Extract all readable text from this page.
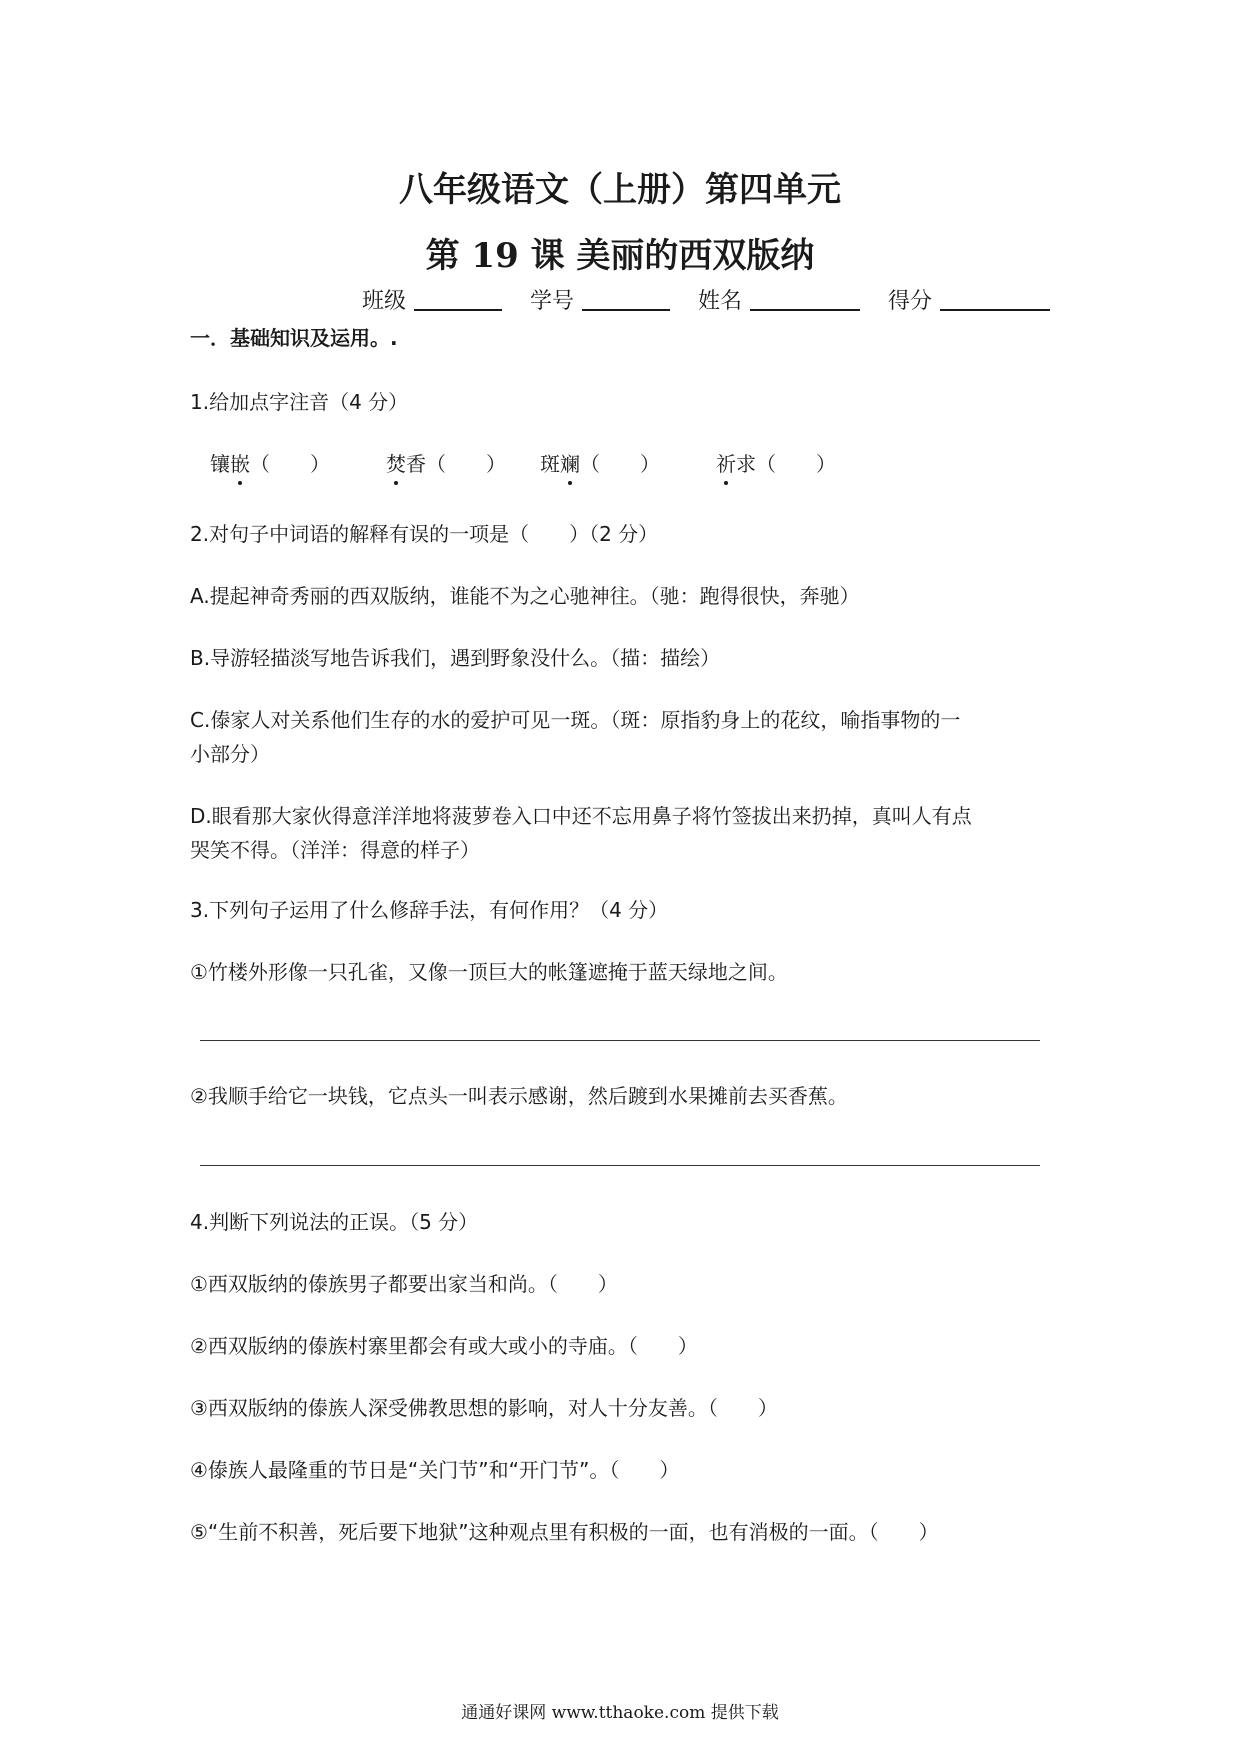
八年级语文（上册）第四单元
第 19 课 美丽的西双版纳
班级	学号	姓名	得分
一．基础知识及运用。.
1.给加点字注音（4 分）
镶嵌（　　）	焚香（　　） 斑斓（　　）	祈求（　　）
2.对句子中词语的解释有误的一项是（　　）（2 分）
A.提起神奇秀丽的西双版纳，谁能不为之心驰神往。（驰：跑得很快，奔驰）
B.导游轻描淡写地告诉我们，遇到野象没什么。（描：描绘）
C.傣家人对关系他们生存的水的爱护可见一斑。（斑：原指豹身上的花纹，喻指事物的一
小部分）
D.眼看那大家伙得意洋洋地将菠萝卷入口中还不忘用鼻子将竹签拔出来扔掉，真叫人有点
哭笑不得。（洋洋：得意的样子）
3.下列句子运用了什么修辞手法，有何作用？（4 分）
①竹楼外形像一只孔雀，又像一顶巨大的帐篷遮掩于蓝天绿地之间。
②我顺手给它一块钱，它点头一叫表示感谢，然后踱到水果摊前去买香蕉。
4.判断下列说法的正误。（5 分）
①西双版纳的傣族男子都要出家当和尚。（　　）
②西双版纳的傣族村寨里都会有或大或小的寺庙。（　　）
③西双版纳的傣族人深受佛教思想的影响，对人十分友善。（　　）
④傣族人最隆重的节日是“关门节”和“开门节”。（　　）
⑤“生前不积善，死后要下地狱”这种观点里有积极的一面，也有消极的一面。（　　）
通通好课网 www.tthaoke.com 提供下载
